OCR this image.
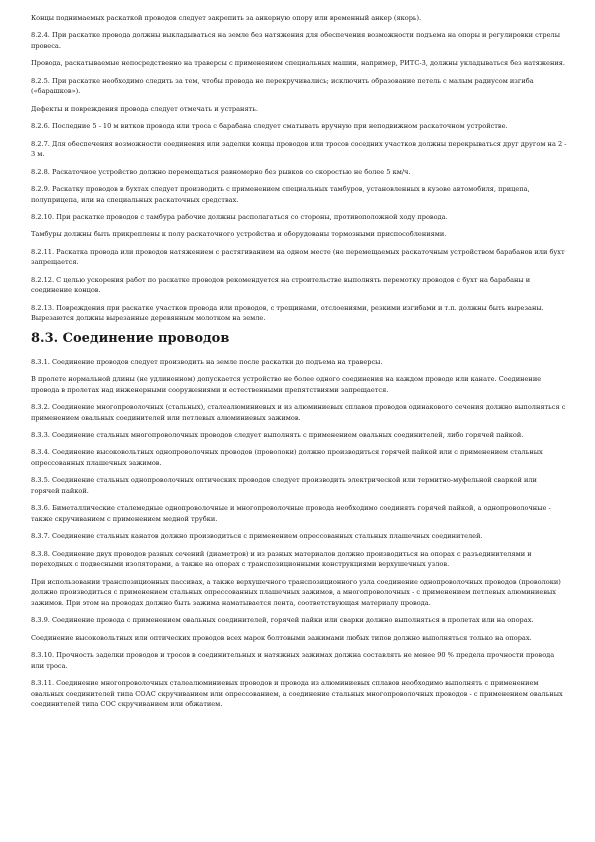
Концы поднимаемых раскаткой проводов следует закрепить за анкерную опору или временный анкер (якорь).

8.2.4. При раскатке провода должны выкладываться на земле без натяжения для обеспечения возможности подъема на опоры и регулировки стрелы провеса.

Провода, раскатываемые непосредственно на траверсы с применением специальных машин, например, РИТС-3, должны укладываться без натяжения.

8.2.5. При раскатке необходимо следить за тем, чтобы провода не перекручивались; исключить образование петель с малым радиусом изгиба («барашков»).

Дефекты и повреждения провода следует отмечать и устранять.

8.2.6. Последние 5 - 10 м витков провода или троса с барабана следует сматывать вручную при неподвижном раскаточном устройстве.

8.2.7. Для обеспечения возможности соединения или заделки концы проводов или тросов соседних участков должны перекрываться друг другом на 2 - 3 м.

8.2.8. Раскаточное устройство должно перемещаться равномерно без рывков со скоростью не более 5 км/ч.

8.2.9. Раскатку проводов в бухтах следует производить с применением специальных тамбуров, установленных в кузове автомобиля, прицепа, полуприцепа, или на специальных раскаточных средствах.

8.2.10. При раскатке проводов с тамбура рабочие должны располагаться со стороны, противоположной ходу провода.

Тамбуры должны быть прикреплены к полу раскаточного устройства и оборудованы тормозными приспособлениями.

8.2.11. Раскатка провода или проводов натяжением с растягиванием на одном месте (не перемещаемых раскаточным устройством барабанов или бухт запрещается.

8.2.12. С целью ускорения работ по раскатке проводов рекомендуется на строительстве выполнять перемотку проводов с бухт на барабаны и соединение концов.

8.2.13. Повреждения при раскатке участков провода или проводов, с трещинами, отслоениями, резкими изгибами и т.п. должны быть вырезаны. Вырезаются должны вырезанные деревянным молотком на земле.

8.3. Соединение проводов

8.3.1. Соединение проводов следует производить на земле после раскатки до подъема на траверсы.

В пролете нормальной длины (не удлиненном) допускается устройство не более одного соединения на каждом проводе или канате. Соединение провода в пролетах над инженерными сооружениями и естественными препятствиями запрещается.

8.3.2. Соединение многопроволочных (стальных), сталеалюминиевых и из алюминиевых сплавов проводов одинакового сечения должно выполняться с применением овальных соединителей или петлевых алюминиевых зажимов.

8.3.3. Соединение стальных многопроволочных проводов следует выполнять с применением овальных соединителей, либо горячей пайкой.

8.3.4. Соединение высоковольтных однопроволочных проводов (проволоки) должно производиться горячей пайкой или с применением стальных опрессованных плашечных зажимов.

8.3.5. Соединение стальных однопроволочных оптических проводов следует производить электрической или термитно-муфельной сваркой или горячей пайкой.

8.3.6. Биметаллические сталемедные однопроволочные и многопроволочные провода необходимо соединять горячей пайкой, а однопроволочные - также скручиванием с применением медной трубки.

8.3.7. Соединение стальных канатов должно производиться с применением опрессованных стальных плашечных соединителей.

8.3.8. Соединение двух проводов разных сечений (диаметров) и из разных материалов должно производиться на опорах с разъединителями и переходных с подвесными изоляторами, а также на опорах с транспозиционными конструкциями верхушечных узлов.

При использовании транспозиционных пассивах, а также верхушечного транспозиционного узла соединение однопроволочных проводов (проволоки) должно производиться с применением стальных опрессованных плашечных зажимов, а многопроволочных - с применением петлевых алюминиевых зажимов. При этом на проводах должно быть зажима наматывается лента, соответствующая материалу провода.

8.3.9. Соединение провода с применением овальных соединителей, горячей пайки или сварки должно выполняться в пролетах или на опорах.

Соединение высоковольтных или оптических проводов всех марок болтовыми зажимами любых типов должно выполняться только на опорах.

8.3.10. Прочность заделки проводов и тросов в соединительных и натяжных зажимах должна составлять не менее 90 % предела прочности провода или троса.

8.3.11. Соединение многопроволочных сталеалюминиевых проводов и провода из алюминиевых сплавов необходимо выполнять с применением овальных соединителей типа СОАС скручиванием или опрессованием, а соединение стальных многопроволочных проводов - с применением овальных соединителей типа СОС скручиванием или обжатием.
